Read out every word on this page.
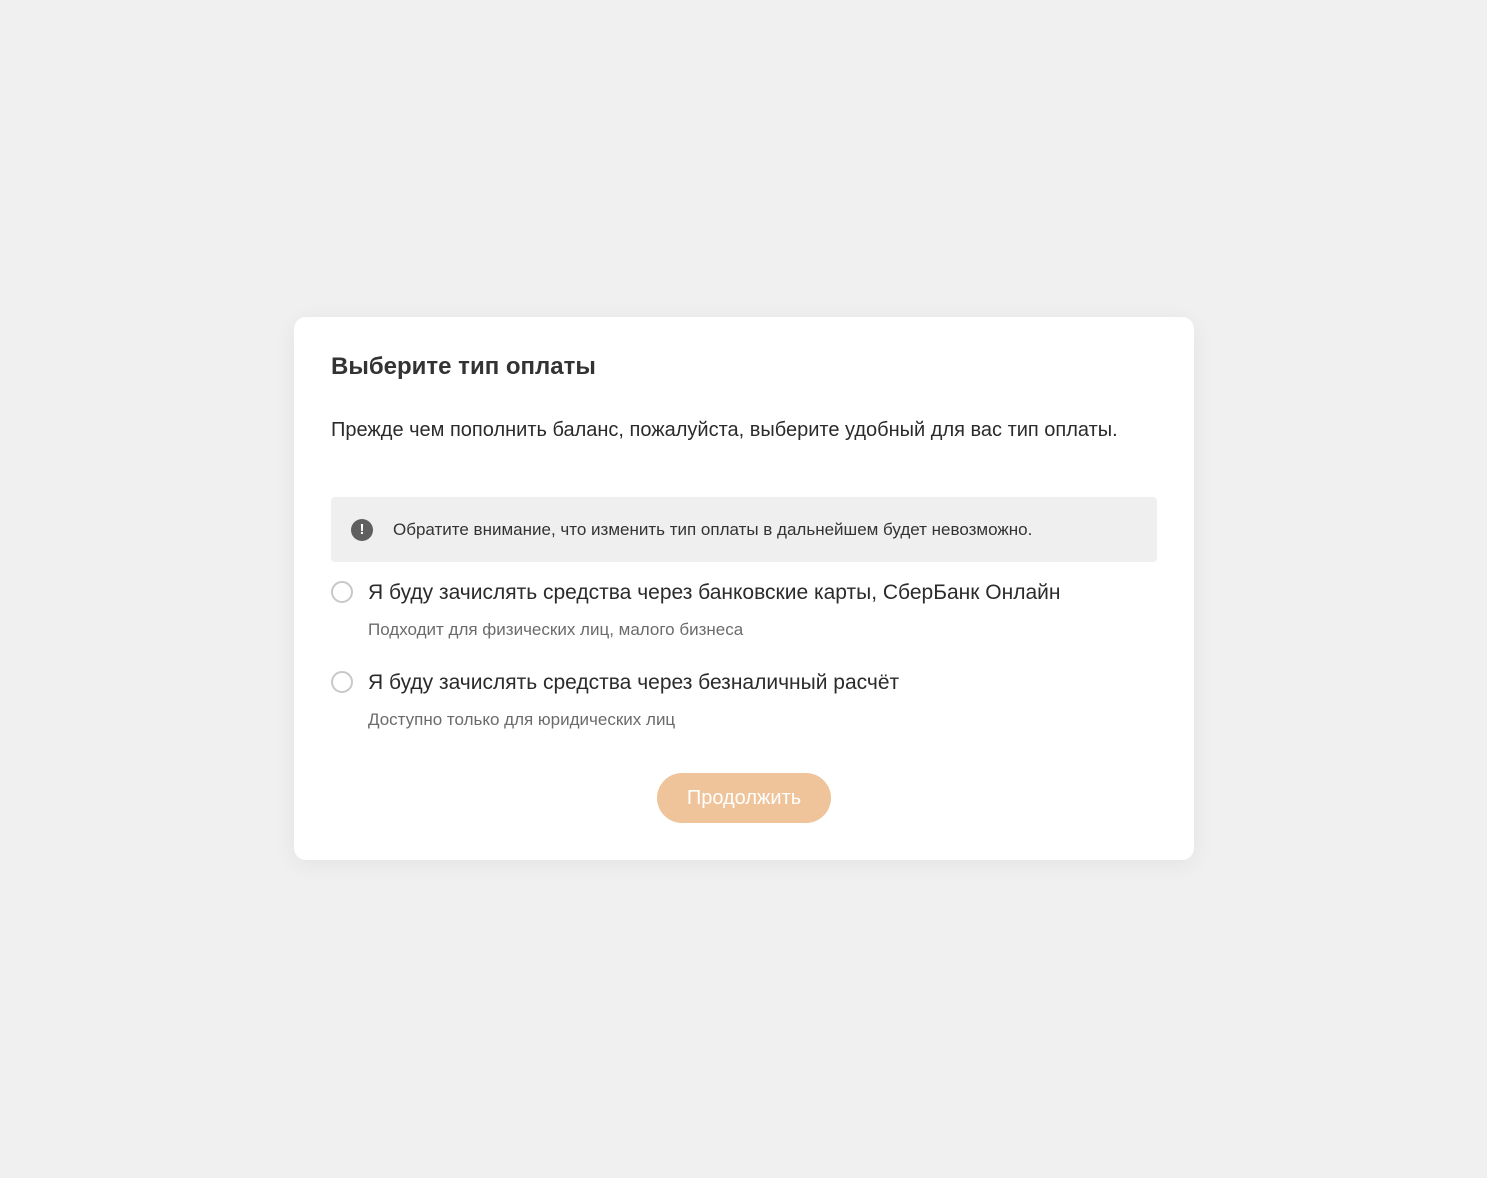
Выберите тип оплаты

Прежде чем пополнить баланс, пожалуйста, выберите удобный для вас тип оплаты.

!	Обратите внимание, что изменить тип оплаты в дальнейшем будет невозможно.
Я буду зачислять средства через банковские карты, СберБанк Онлайн
Подходит для физических лиц, малого бизнеса
Я буду зачислять средства через безналичный расчёт
Доступно только для юридических лиц
Продолжить
